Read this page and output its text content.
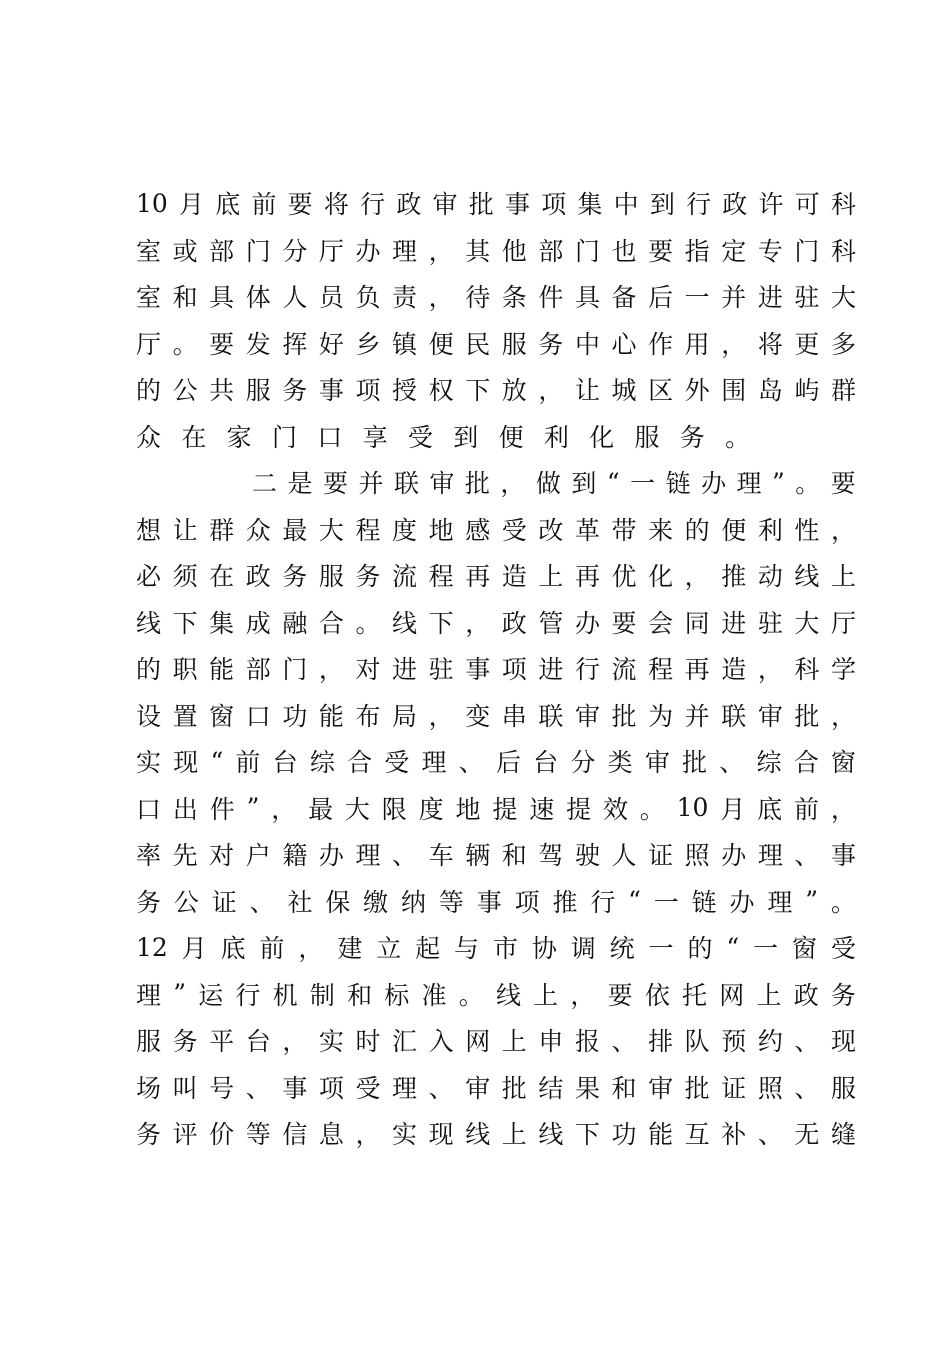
10 月 底 前 要 将 行 政 审 批 事 项 集 中 到 行 政 许 可 科
室 或 部 门 分 厅 办 理 ， 其 他 部 门 也 要 指 定 专 门 科
室 和 具 体 人 员 负 责 ， 待 条 件 具 备 后 一 并 进 驻 大
厅 。 要 发 挥 好 乡 镇 便 民 服 务 中 心 作 用 ， 将 更 多
的 公 共 服 务 事 项 授 权 下 放 ， 让 城 区 外 围 岛 屿 群
众 在 家 门 口 享 受 到 便 利 化 服 务 。
二 是 要 并 联 审 批 ， 做 到 “ 一 链 办 理 ” 。 要
想 让 群 众 最 大 程 度 地 感 受 改 革 带 来 的 便 利 性 ，
必 须 在 政 务 服 务 流 程 再 造 上 再 优 化 ， 推 动 线 上
线 下 集 成 融 合 。 线 下 ， 政 管 办 要 会 同 进 驻 大 厅
的 职 能 部 门 ， 对 进 驻 事 项 进 行 流 程 再 造 ， 科 学
设 置 窗 口 功 能 布 局 ， 变 串 联 审 批 为 并 联 审 批 ，
实 现 “ 前 台 综 合 受 理 、 后 台 分 类 审 批 、 综 合 窗
口 出 件 ” ， 最 大 限 度 地 提 速 提 效 。 10 月 底 前 ，
率 先 对 户 籍 办 理 、 车 辆 和 驾 驶 人 证 照 办 理 、 事
务 公 证 、 社 保 缴 纳 等 事 项 推 行 “ 一 链 办 理 ” 。
12 月 底 前 ， 建 立 起 与 市 协 调 统 一 的 “ 一 窗 受
理 ” 运 行 机 制 和 标 准 。 线 上 ， 要 依 托 网 上 政 务
服 务 平 台 ， 实 时 汇 入 网 上 申 报 、 排 队 预 约 、 现
场 叫 号 、 事 项 受 理 、 审 批 结 果 和 审 批 证 照 、 服
务 评 价 等 信 息 ， 实 现 线 上 线 下 功 能 互 补 、 无 缝
